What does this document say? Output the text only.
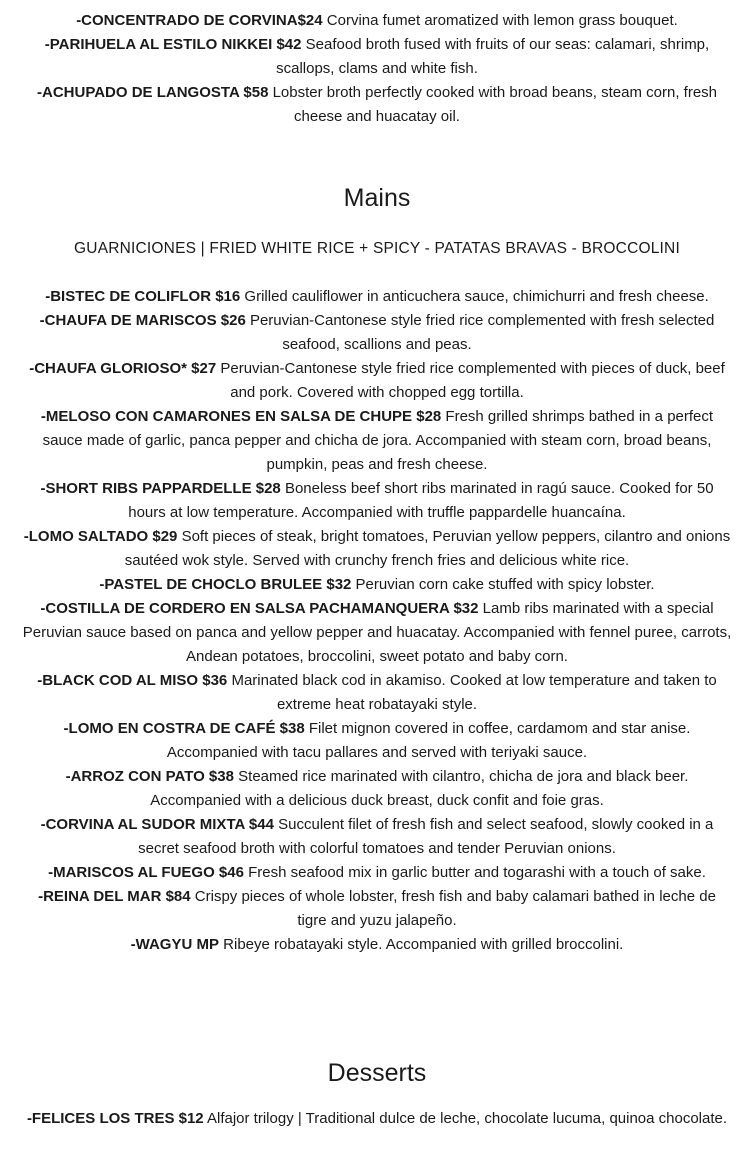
-CONCENTRADO DE CORVINA$24 Corvina fumet aromatized with lemon grass bouquet.

-PARIHUELA AL ESTILO NIKKEI $42 Seafood broth fused with fruits of our seas: calamari, shrimp, scallops, clams and white fish.

-ACHUPADO DE LANGOSTA $58 Lobster broth perfectly cooked with broad beans, steam corn, fresh cheese and huacatay oil.

Mains

GUARNICIONES | FRIED WHITE RICE + SPICY - PATATAS BRAVAS - BROCCOLINI

-BISTEC DE COLIFLOR $16 Grilled cauliflower in anticuchera sauce, chimichurri and fresh cheese.

-CHAUFA DE MARISCOS $26 Peruvian-Cantonese style fried rice complemented with fresh selected seafood, scallions and peas.

-CHAUFA GLORIOSO* $27 Peruvian-Cantonese style fried rice complemented with pieces of duck, beef and pork. Covered with chopped egg tortilla.

-MELOSO CON CAMARONES EN SALSA DE CHUPE $28 Fresh grilled shrimps bathed in a perfect sauce made of garlic, panca pepper and chicha de jora. Accompanied with steam corn, broad beans, pumpkin, peas and fresh cheese.

-SHORT RIBS PAPPARDELLE $28 Boneless beef short ribs marinated in ragú sauce. Cooked for 50 hours at low temperature. Accompanied with truffle pappardelle huancaína.

-LOMO SALTADO $29 Soft pieces of steak, bright tomatoes, Peruvian yellow peppers, cilantro and onions sautéed wok style. Served with crunchy french fries and delicious white rice.

-PASTEL DE CHOCLO BRULEE $32 Peruvian corn cake stuffed with spicy lobster.

-COSTILLA DE CORDERO EN SALSA PACHAMANQUERA $32 Lamb ribs marinated with a special Peruvian sauce based on panca and yellow pepper and huacatay. Accompanied with fennel puree, carrots, Andean potatoes, broccolini, sweet potato and baby corn.

-BLACK COD AL MISO $36 Marinated black cod in akamiso. Cooked at low temperature and taken to extreme heat robatayaki style.

-LOMO EN COSTRA DE CAFÉ $38 Filet mignon covered in coffee, cardamom and star anise. Accompanied with tacu pallares and served with teriyaki sauce.

-ARROZ CON PATO $38 Steamed rice marinated with cilantro, chicha de jora and black beer. Accompanied with a delicious duck breast, duck confit and foie gras.

-CORVINA AL SUDOR MIXTA $44 Succulent filet of fresh fish and select seafood, slowly cooked in a secret seafood broth with colorful tomatoes and tender Peruvian onions.

-MARISCOS AL FUEGO $46 Fresh seafood mix in garlic butter and togarashi with a touch of sake.

-REINA DEL MAR $84 Crispy pieces of whole lobster, fresh fish and baby calamari bathed in leche de tigre and yuzu jalapeño.

-WAGYU MP Ribeye robatayaki style. Accompanied with grilled broccolini.

Desserts

-FELICES LOS TRES $12 Alfajor trilogy | Traditional dulce de leche, chocolate lucuma, quinoa chocolate.
